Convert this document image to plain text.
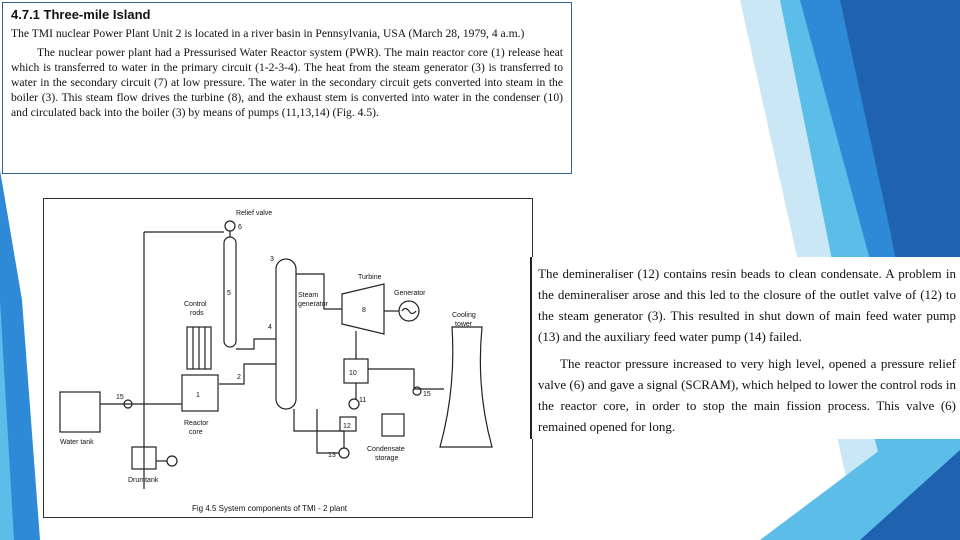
4.7.1 Three-mile Island

The TMI nuclear Power Plant Unit 2 is located in a river basin in Pennsylvania, USA (March 28, 1979, 4 a.m.)

The nuclear power plant had a Pressurised Water Reactor system (PWR). The main reactor core (1) release heat which is transferred to water in the primary circuit (1-2-3-4). The heat from the steam generator (3) is transferred to water in the secondary circuit (7) at low pressure. The water in the secondary circuit gets converted into steam in the boiler (3). This steam flow drives the turbine (8), and the exhaust stem is converted into water in the condenser (10) and circulated back into the boiler (3) by means of pumps (11,13,14) (Fig. 4.5).

Relief valve
6
5
3
4
Steam
generator
Control
rods
1
2
Reactor
core
Turbine
8
Generator
10
Cooling
tower
15
11
12
13
Condensate
storage
Water tank
15
Drumtank
Fig 4.5 System components of TMI - 2 plant

The demineraliser (12) contains resin beads to clean condensate. A problem in the demineraliser arose and this led to the closure of the outlet valve of (12) to the steam generator (3). This resulted in shut down of main feed water pump (13) and the auxiliary feed water pump (14) failed.

The reactor pressure increased to very high level, opened a pressure relief valve (6) and gave a signal (SCRAM), which helped to lower the control rods in the reactor core, in order to stop the main fission process. This valve (6) remained opened for long.
